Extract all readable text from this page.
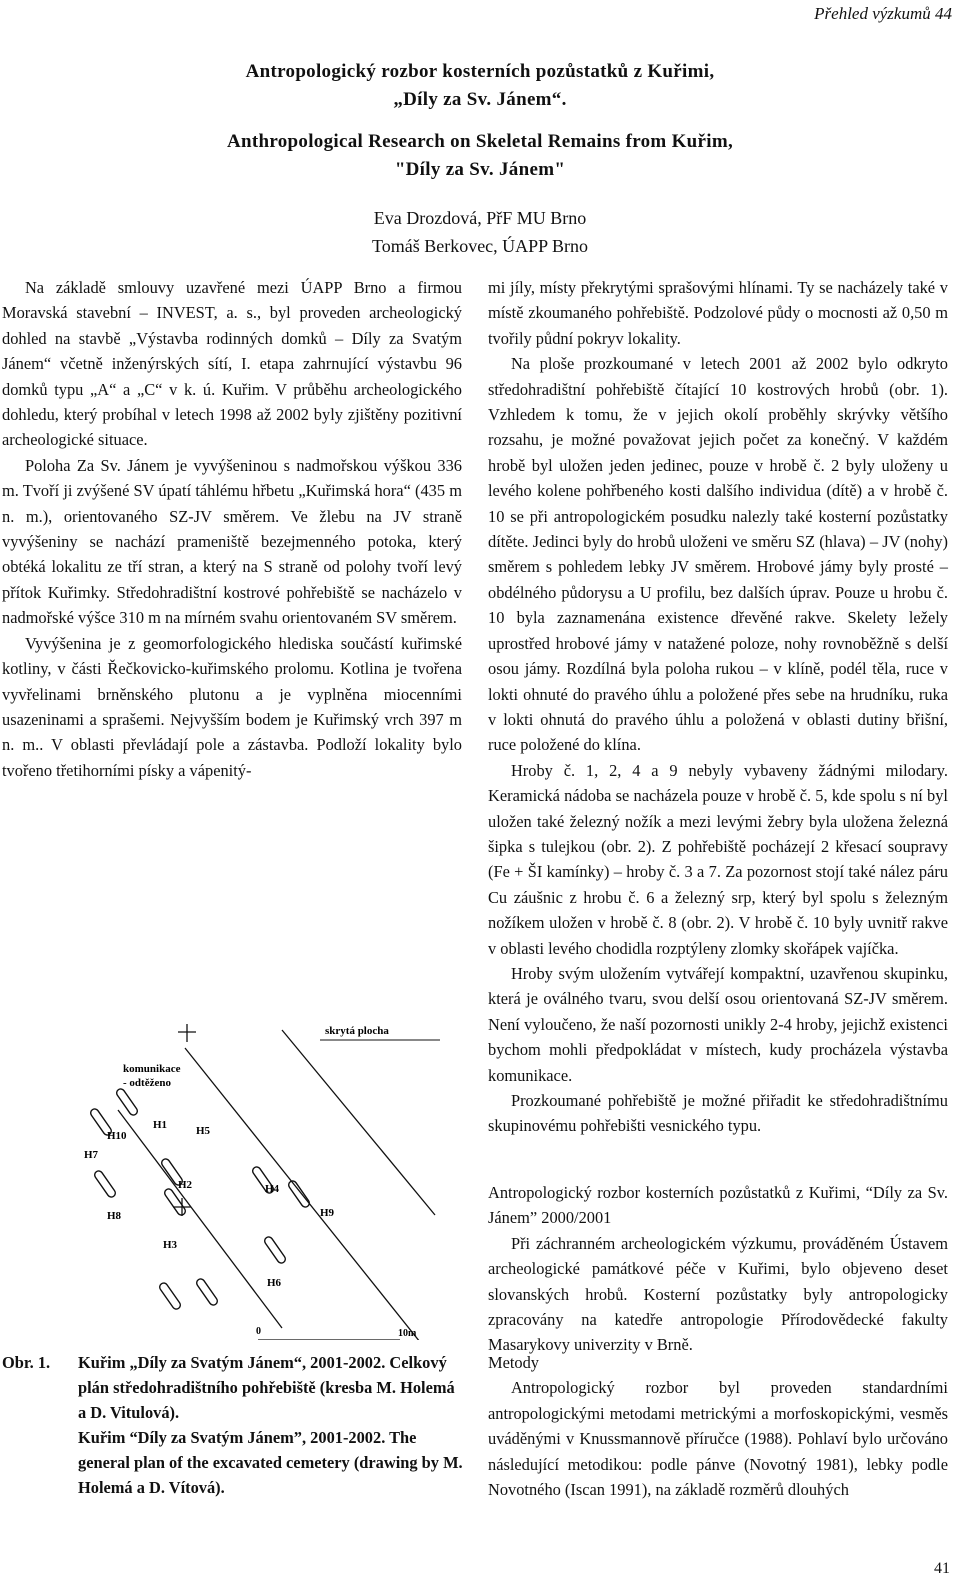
Přehled výzkumů 44
Antropologický rozbor kosterních pozůstatků z Kuřimi,
„Díly za Sv. Jánem“.
Anthropological Research on Skeletal Remains from Kuřim,
"Díly za Sv. Jánem"
Eva Drozdová, PřF MU Brno
Tomáš Berkovec, ÚAPP Brno

Na základě smlouvy uzavřené mezi ÚAPP Brno a firmou Moravská stavební – INVEST, a. s., byl proveden archeologický dohled na stavbě „Výstavba rodinných domků – Díly za Svatým Jánem“ včetně inženýrských sítí, I. etapa zahrnující výstavbu 96 domků typu „A“ a „C“ v k. ú. Kuřim. V průběhu archeologického dohledu, který probíhal v letech 1998 až 2002 byly zjištěny pozitivní archeologické situace.

Poloha Za Sv. Jánem je vyvýšeninou s nadmořskou výškou 336 m. Tvoří ji zvýšené SV úpatí táhlému hřbetu „Kuřimská hora“ (435 m n. m.), orientovaného SZ-JV směrem. Ve žlebu na JV straně vyvýšeniny se nachází prameniště bezejmenného potoka, který obtéká lokalitu ze tří stran, a který na S straně od polohy tvoří levý přítok Kuřimky. Středohradištní kostrové pohřebiště se nacházelo v nadmořské výšce 310 m na mírném svahu orientovaném SV směrem.

Vyvýšenina je z geomorfologického hlediska součástí kuřimské kotliny, v části Řečkovicko-kuřimského prolomu. Kotlina je tvořena vyvřelinami brněnského plutonu a je vyplněna miocenními usazeninami a sprašemi. Nejvyšším bodem je Kuřimský vrch 397 m n. m.. V oblasti převládají pole a zástavba. Podloží lokality bylo tvořeno třetihorními písky a vápenitý-

mi jíly, místy překrytými sprašovými hlínami. Ty se nacházely také v místě zkoumaného pohřebiště. Podzolové půdy o mocnosti až 0,50 m tvořily půdní pokryv lokality.

Na ploše prozkoumané v letech 2001 až 2002 bylo odkryto středohradištní pohřebiště čítající 10 kostrových hrobů (obr. 1). Vzhledem k tomu, že v jejich okolí proběhly skrývky většího rozsahu, je možné považovat jejich počet za konečný. V každém hrobě byl uložen jeden jedinec, pouze v hrobě č. 2 byly uloženy u levého kolene pohřbeného kosti dalšího individua (dítě) a v hrobě č. 10 se při antropologickém posudku nalezly také kosterní pozůstatky dítěte. Jedinci byly do hrobů uloženi ve směru SZ (hlava) – JV (nohy) směrem s pohledem lebky JV směrem. Hrobové jámy byly prosté – obdélného půdorysu a U profilu, bez dalších úprav. Pouze u hrobu č. 10 byla zaznamenána existence dřevěné rakve. Skelety ležely uprostřed hrobové jámy v natažené poloze, nohy rovnoběžně s delší osou jámy. Rozdílná byla poloha rukou – v klíně, podél těla, ruce v lokti ohnuté do pravého úhlu a položené přes sebe na hrudníku, ruka v lokti ohnutá do pravého úhlu a položená v oblasti dutiny břišní, ruce položené do klína.

Hroby č. 1, 2, 4 a 9 nebyly vybaveny žádnými milodary. Keramická nádoba se nacházela pouze v hrobě č. 5, kde spolu s ní byl uložen také železný nožík a mezi levými žebry byla uložena železná šipka s tulejkou (obr. 2). Z pohřebiště pocházejí 2 křesací soupravy (Fe + ŠI kamínky) – hroby č. 3 a 7. Za pozornost stojí také nález páru Cu záušnic z hrobu č. 6 a železný srp, který byl spolu s železným nožíkem uložen v hrobě č. 8 (obr. 2). V hrobě č. 10 byly uvnitř rakve v oblasti levého chodidla rozptýleny zlomky skořápek vajíčka.

Hroby svým uložením vytvářejí kompaktní, uzavřenou skupinku, která je oválného tvaru, svou delší osou orientovaná SZ-JV směrem. Není vyloučeno, že naší pozornosti unikly 2-4 hroby, jejichž existenci bychom mohli předpokládat v místech, kudy procházela výstavba komunikace.

Prozkoumané pohřebiště je možné přiřadit ke středohradištnímu skupinovému pohřebišti vesnického typu.

Antropologický rozbor kosterních pozůstatků z Kuřimi, “Díly za Sv. Jánem” 2000/2001

Při záchranném archeologickém výzkumu, prováděném Ústavem archeologické památkové péče v Kuřimi, bylo objeveno deset slovanských hrobů. Kosterní pozůstatky byly antropologicky zpracovány na katedře antropologie Přírodovědecké fakulty Masarykovy univerzity v Brně.

Metody

Antropologický rozbor byl proveden standardními antropologickými metodami metrickými a morfoskopickými, vesměs uváděnými v Knussmannově příručce (1988). Pohlaví bylo určováno následující metodikou: podle pánve (Novotný 1981), lebky podle Novotného (Iscan 1991), na základě rozměrů dlouhých

skrytá plocha
komunikace
- odtěženo
H1
H2
H3
H4
H5
H6
H7
H8	H9
H10
0	10m
Obr. 1.	Kuřim „Díly za Svatým Jánem“, 2001-2002. Celkový plán středohradištního pohřebiště (kresba M. Holemá a D. Vitulová).
Kuřim “Díly za Svatým Jánem”, 2001-2002. The general plan of the excavated cemetery (drawing by M. Holemá a D. Vítová).
41
